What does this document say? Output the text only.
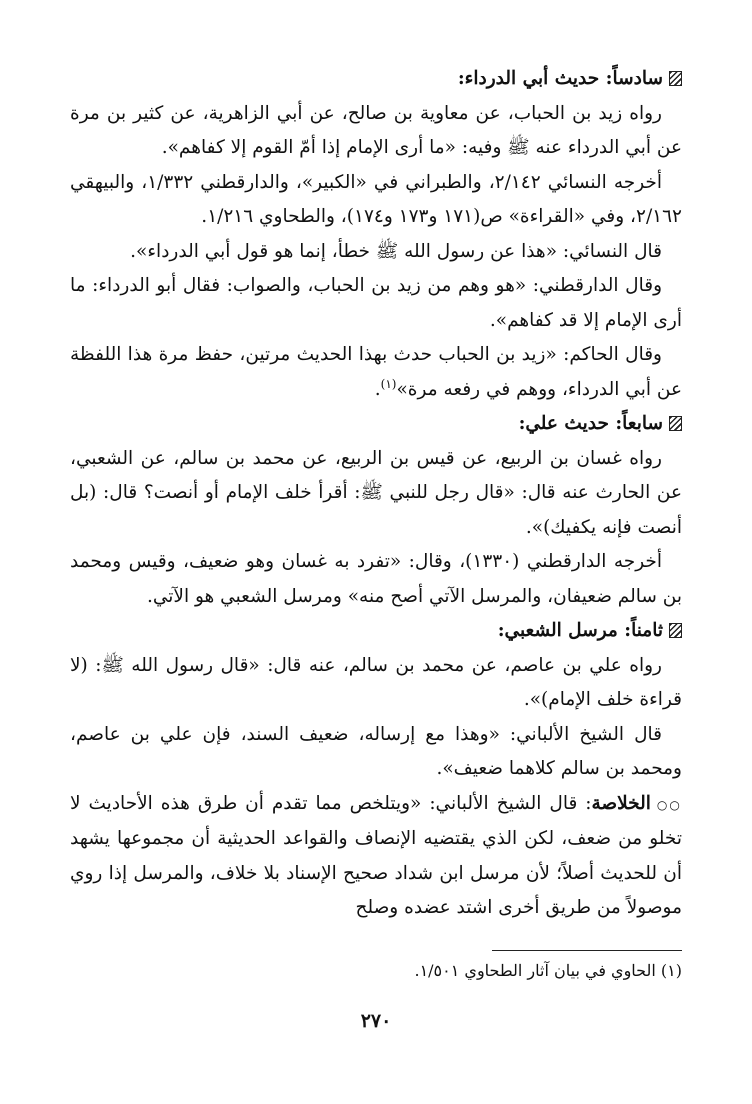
سادساً: حديث أبي الدرداء:

رواه زيد بن الحباب، عن معاوية بن صالح، عن أبي الزاهرية، عن كثير بن مرة عن أبي الدرداء عنه ﷺ وفيه: «ما أرى الإمام إذا أمّ القوم إلا كفاهم».

أخرجه النسائي ٢/١٤٢، والطبراني في «الكبير»، والدارقطني ١/٣٣٢، والبيهقي ٢/١٦٢، وفي «القراءة» ص(١٧١ و١٧٣ و١٧٤)، والطحاوي ١/٢١٦.

قال النسائي: «هذا عن رسول الله ﷺ خطأ، إنما هو قول أبي الدرداء».

وقال الدارقطني: «هو وهم من زيد بن الحباب، والصواب: فقال أبو الدرداء: ما أرى الإمام إلا قد كفاهم».

وقال الحاكم: «زيد بن الحباب حدث بهذا الحديث مرتين، حفظ مرة هذا اللفظة عن أبي الدرداء، ووهم في رفعه مرة»$^{(١)}$.

سابعاً: حديث علي:

رواه غسان بن الربيع، عن قيس بن الربيع، عن محمد بن سالم، عن الشعبي، عن الحارث عنه قال: «قال رجل للنبي ﷺ: أقرأ خلف الإمام أو أنصت؟ قال: (بل أنصت فإنه يكفيك)».

أخرجه الدارقطني (١٣٣٠)، وقال: «تفرد به غسان وهو ضعيف، وقيس ومحمد بن سالم ضعيفان، والمرسل الآتي أصح منه» ومرسل الشعبي هو الآتي.

ثامناً: مرسل الشعبي:

رواه علي بن عاصم، عن محمد بن سالم، عنه قال: «قال رسول الله ﷺ: (لا قراءة خلف الإمام)».

قال الشيخ الألباني: «وهذا مع إرساله، ضعيف السند، فإن علي بن عاصم، ومحمد بن سالم كلاهما ضعيف».

○○الخلاصة: قال الشيخ الألباني: «ويتلخص مما تقدم أن طرق هذه الأحاديث لا تخلو من ضعف، لكن الذي يقتضيه الإنصاف والقواعد الحديثية أن مجموعها يشهد أن للحديث أصلاً؛ لأن مرسل ابن شداد صحيح الإسناد بلا خلاف، والمرسل إذا روي موصولاً من طريق أخرى اشتد عضده وصلح

(١) الحاوي في بيان آثار الطحاوي ١/٥٠١.
٢٧٠
